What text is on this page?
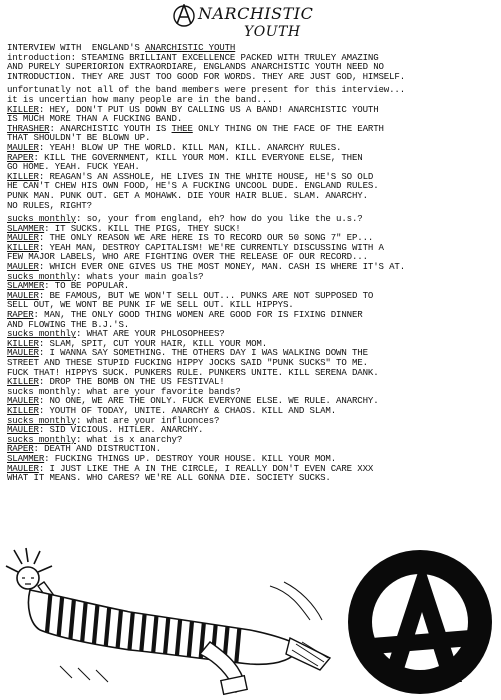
NARCHISTIC
YOUTH
INTERVIEW WITH  ENGLAND'S ANARCHISTIC YOUTH
introduction: STEAMING BRILLIANT EXCELLENCE PACKED WITH TRULEY AMAZING
AND PURELY SUPERIORION EXTRAORDIARE, ENGLANDS ANARCHISTIC YOUTH NEED NO
INTRODUCTION. THEY ARE JUST TOO GOOD FOR WORDS. THEY ARE JUST GOD, HIMSELF.
unfortunatly not all of the band members were present for this interview...
it is uncertian how many people are in the band...
KILLER: HEY, DON'T PUT US DOWN BY CALLING US A BAND! ANARCHISTIC YOUTH
IS MUCH MORE THAN A FUCKING BAND.
THRASHER: ANARCHISTIC YOUTH IS THEE ONLY THING ON THE FACE OF THE EARTH
THAT SHOULDN'T BE BLOWN UP.
MAULER: YEAH! BLOW UP THE WORLD. KILL MAN, KILL. ANARCHY RULES.
RAPER: KILL THE GOVERNMENT, KILL YOUR MOM. KILL EVERYONE ELSE, THEN
GO HOME. YEAH. FUCK YEAH.
KILLER: REAGAN'S AN ASSHOLE, HE LIVES IN THE WHITE HOUSE, HE'S SO OLD
HE CAN'T CHEW HIS OWN FOOD, HE'S A FUCKING UNCOOL DUDE. ENGLAND RULES.
PUNK MAN. PUNK OUT. GET A MOHAWK. DIE YOUR HAIR BLUE. SLAM. ANARCHY.
NO RULES, RIGHT?
sucks monthly: so, your from england, eh? how do you like the u.s.?
SLAMMER: IT SUCKS. KILL THE PIGS, THEY SUCK!
MAULER: THE ONLY REASON WE ARE HERE IS TO RECORD OUR 50 SONG 7" EP...
KILLER: YEAH MAN, DESTROY CAPITALISM! WE'RE CURRENTLY DISCUSSING WITH A
FEW MAJOR LABELS, WHO ARE FIGHTING OVER THE RELEASE OF OUR RECORD...
MAULER: WHICH EVER ONE GIVES US THE MOST MONEY, MAN. CASH IS WHERE IT'S AT.
sucks monthly: whats your main goals?
SLAMMER: TO BE POPULAR.
MAULER: BE FAMOUS, BUT WE WON'T SELL OUT... PUNKS ARE NOT SUPPOSED TO
SELL OUT, WE WONT BE PUNK IF WE SELL OUT. KILL HIPPYS.
RAPER: MAN, THE ONLY GOOD THING WOMEN ARE GOOD FOR IS FIXING DINNER
AND FLOWING THE B.J.'S.
sucks monthly: WHAT ARE YOUR PHLOSOPHEES?
KILLER: SLAM, SPIT, CUT YOUR HAIR, KILL YOUR MOM.
MAULER: I WANNA SAY SOMETHING. THE OTHERS DAY I WAS WALKING DOWN THE
STREET AND THESE STUPID FUCKING HIPPY JOCKS SAID "PUNK SUCKS" TO ME.
FUCK THAT! HIPPYS SUCK. PUNKERS RULE. PUNKERS UNITE. KILL SERENA DANK.
KILLER: DROP THE BOMB ON THE US FESTIVAL!
sucks monthly: what are your favorite bands?
MAULER: NO ONE, WE ARE THE ONLY. FUCK EVERYONE ELSE. WE RULE. ANARCHY.
KILLER: YOUTH OF TODAY, UNITE. ANARCHY & CHAOS. KILL AND SLAM.
sucks monthly: what are your influonces?
MAULER: SID VICIOUS. HITLER. ANARCHY.
sucks monthly: what is x anarchy?
RAPER: DEATH AND DISTRUCTION.
SLAMMER: FUCKING THINGS UP. DESTROY YOUR HOUSE. KILL YOUR MOM.
MAULER: I JUST LIKE THE A IN THE CIRCLE, I REALLY DON'T EVEN CARE XXX
WHAT IT MEANS. WHO CARES? WE'RE ALL GONNA DIE. SOCIETY SUCKS.
